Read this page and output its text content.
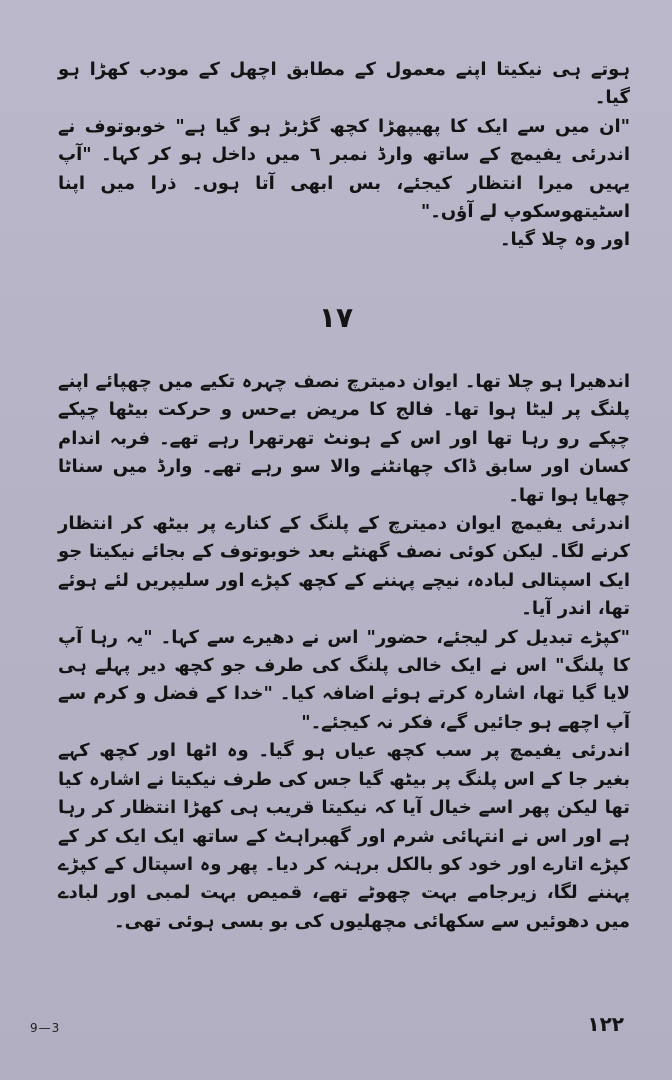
ہوتے ہی نیکیتا اپنے معمول کے مطابق اچھل کے مودب کھڑا ہو گیا۔

"ان میں سے ایک کا پھیپھڑا کچھ گڑبڑ ہو گیا ہے" خوبوتوف نے اندرئی یفیمچ کے ساتھ وارڈ نمبر ٦ میں داخل ہو کر کہا۔ "آپ یہیں میرا انتظار کیجئے، بس ابھی آتا ہوں۔ ذرا میں اپنا اسٹیتھوسکوپ لے آؤں۔"

اور وہ چلا گیا۔

١٧

اندھیرا ہو چلا تھا۔ ایوان دمیترچ نصف چہرہ تکیے میں چھپائے اپنے پلنگ پر لیٹا ہوا تھا۔ فالج کا مریض بےحس و حرکت بیٹھا چپکے چپکے رو رہا تھا اور اس کے ہونٹ تھرتھرا رہے تھے۔ فربہ اندام کسان اور سابق ڈاک چھانٹنے والا سو رہے تھے۔ وارڈ میں سناٹا چھایا ہوا تھا۔

اندرئی یفیمچ ایوان دمیترچ کے پلنگ کے کنارے پر بیٹھ کر انتظار کرنے لگا۔ لیکن کوئی نصف گھنٹے بعد خوبوتوف کے بجائے نیکیتا جو ایک اسپتالی لبادہ، نیچے پہننے کے کچھ کپڑے اور سلیپریں لئے ہوئے تھا، اندر آیا۔

"کپڑے تبدیل کر لیجئے، حضور" اس نے دھیرے سے کہا۔ "یہ رہا آپ کا پلنگ" اس نے ایک خالی پلنگ کی طرف جو کچھ دیر پہلے ہی لایا گیا تھا، اشارہ کرتے ہوئے اضافہ کیا۔ "خدا کے فضل و کرم سے آپ اچھے ہو جائیں گے، فکر نہ کیجئے۔"

اندرئی یفیمچ پر سب کچھ عیاں ہو گیا۔ وہ اٹھا اور کچھ کہے بغیر جا کے اس پلنگ پر بیٹھ گیا جس کی طرف نیکیتا نے اشارہ کیا تھا لیکن پھر اسے خیال آیا کہ نیکیتا قریب ہی کھڑا انتظار کر رہا ہے اور اس نے انتہائی شرم اور گھبراہٹ کے ساتھ ایک ایک کر کے کپڑے اتارے اور خود کو بالکل برہنہ کر دیا۔ پھر وہ اسپتال کے کپڑے پہننے لگا، زیرجامے بہت چھوٹے تھے، قمیص بہت لمبی اور لبادے میں دھوئیں سے سکھائی مچھلیوں کی بو بسی ہوئی تھی۔

9—3	١٢٢
